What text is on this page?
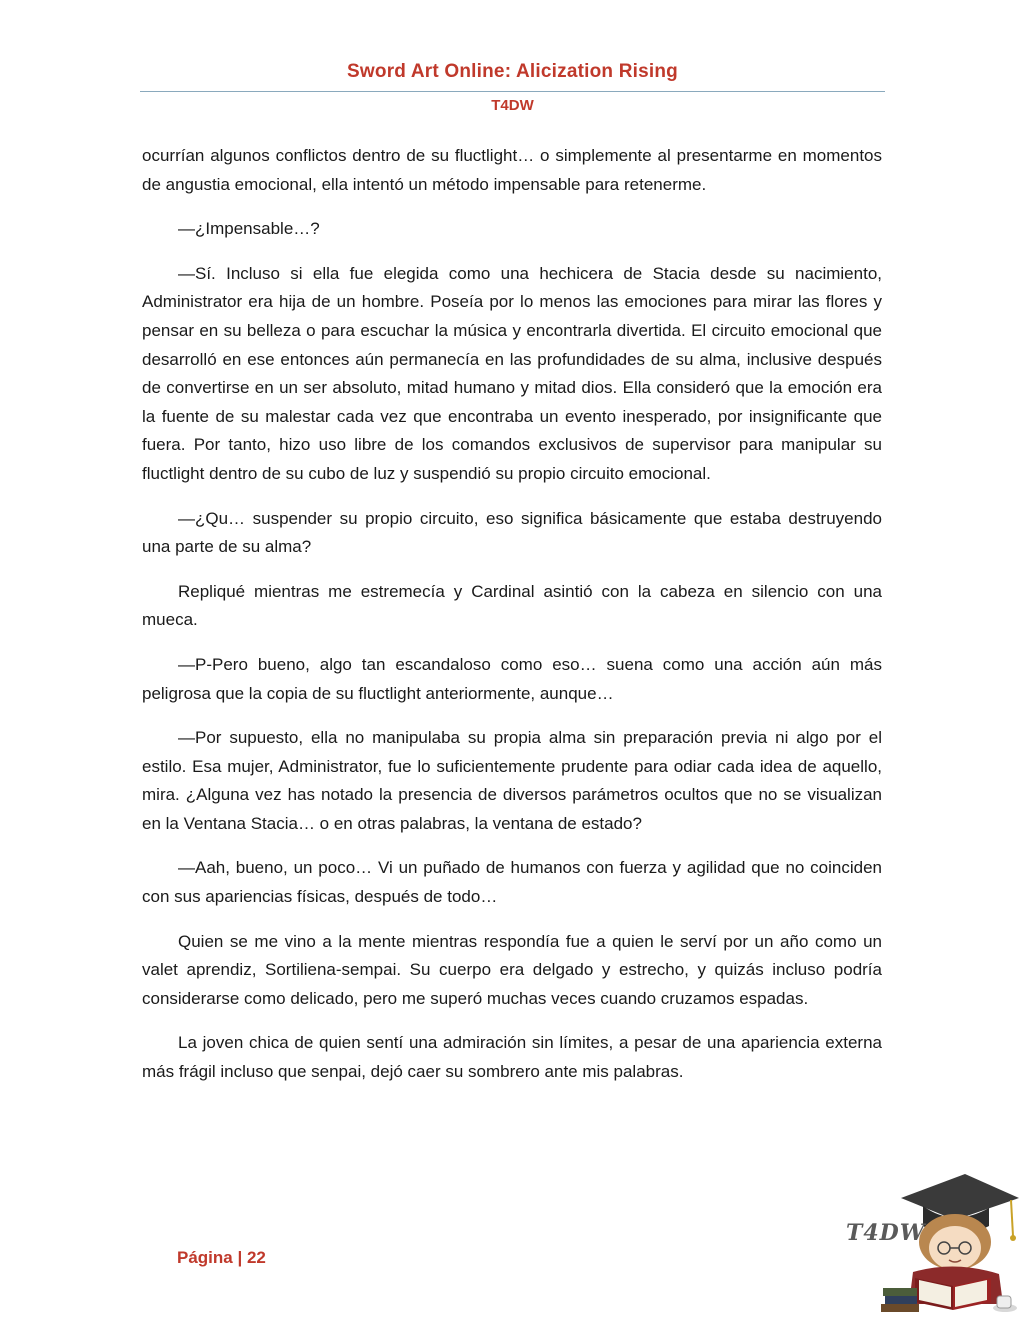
Sword Art Online: Alicization Rising
T4DW

ocurrían algunos conflictos dentro de su fluctlight… o simplemente al presentarme en momentos de angustia emocional, ella intentó un método impensable para retenerme.

—¿Impensable…?

—Sí. Incluso si ella fue elegida como una hechicera de Stacia desde su nacimiento, Administrator era hija de un hombre. Poseía por lo menos las emociones para mirar las flores y pensar en su belleza o para escuchar la música y encontrarla divertida. El circuito emocional que desarrolló en ese entonces aún permanecía en las profundidades de su alma, inclusive después de convertirse en un ser absoluto, mitad humano y mitad dios. Ella consideró que la emoción era la fuente de su malestar cada vez que encontraba un evento inesperado, por insignificante que fuera. Por tanto, hizo uso libre de los comandos exclusivos de supervisor para manipular su fluctlight dentro de su cubo de luz y suspendió su propio circuito emocional.

—¿Qu… suspender su propio circuito, eso significa básicamente que estaba destruyendo una parte de su alma?

Repliqué mientras me estremecía y Cardinal asintió con la cabeza en silencio con una mueca.

—P-Pero bueno, algo tan escandaloso como eso… suena como una acción aún más peligrosa que la copia de su fluctlight anteriormente, aunque…

—Por supuesto, ella no manipulaba su propia alma sin preparación previa ni algo por el estilo. Esa mujer, Administrator, fue lo suficientemente prudente para odiar cada idea de aquello, mira. ¿Alguna vez has notado la presencia de diversos parámetros ocultos que no se visualizan en la Ventana Stacia… o en otras palabras, la ventana de estado?

—Aah, bueno, un poco… Vi un puñado de humanos con fuerza y agilidad que no coinciden con sus apariencias físicas, después de todo…

Quien se me vino a la mente mientras respondía fue a quien le serví por un año como un valet aprendiz, Sortiliena-sempai. Su cuerpo era delgado y estrecho, y quizás incluso podría considerarse como delicado, pero me superó muchas veces cuando cruzamos espadas.

La joven chica de quien sentí una admiración sin límites, a pesar de una apariencia externa más frágil incluso que senpai, dejó caer su sombrero ante mis palabras.

Página | 22
T4DW
